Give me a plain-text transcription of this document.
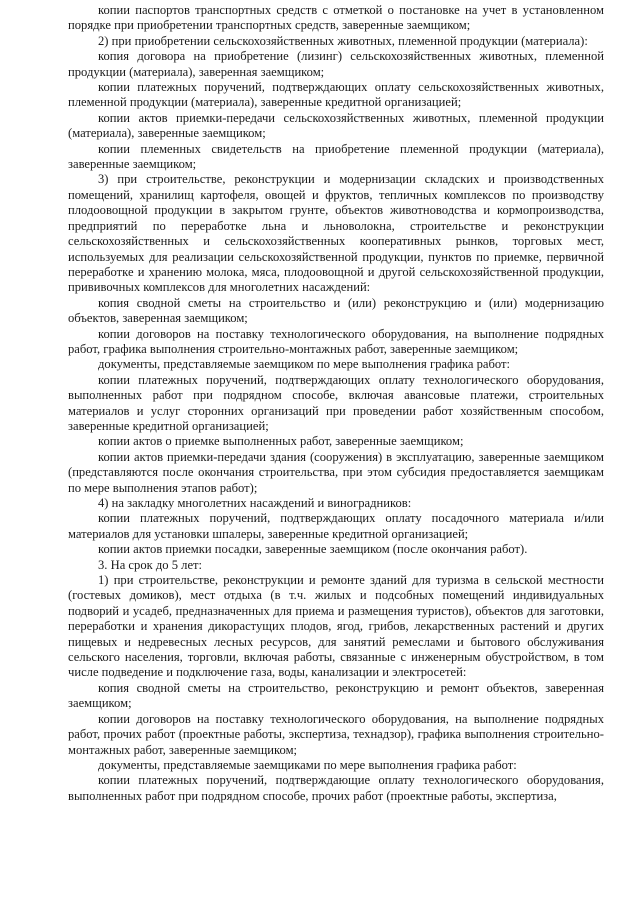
копии паспортов транспортных средств с отметкой о постановке на учет в установленном порядке при приобретении транспортных средств, заверенные заемщиком;

2) при приобретении сельскохозяйственных животных, племенной продукции (материала):

копия договора на приобретение (лизинг) сельскохозяйственных животных, племенной продукции (материала), заверенная заемщиком;

копии платежных поручений, подтверждающих оплату сельскохозяйственных животных, племенной продукции (материала), заверенные кредитной организацией;

копии актов приемки-передачи сельскохозяйственных животных, племенной продукции (материала), заверенные заемщиком;

копии племенных свидетельств на приобретение племенной продукции (материала), заверенные заемщиком;

3) при строительстве, реконструкции и модернизации складских и производственных помещений, хранилищ картофеля, овощей и фруктов, тепличных комплексов по производству плодоовощной продукции в закрытом грунте, объектов животноводства и кормопроизводства, предприятий по переработке льна и льноволокна, строительстве и реконструкции сельскохозяйственных и сельскохозяйственных кооперативных рынков, торговых мест, используемых для реализации сельскохозяйственной продукции, пунктов по приемке, первичной переработке и хранению молока, мяса, плодоовощной и другой сельскохозяйственной продукции, прививочных комплексов для многолетних насаждений:

копия сводной сметы на строительство и (или) реконструкцию и (или) модернизацию объектов, заверенная заемщиком;

копии договоров на поставку технологического оборудования, на выполнение подрядных работ, графика выполнения строительно-монтажных работ, заверенные заемщиком;

документы, представляемые заемщиком по мере выполнения графика работ:

копии платежных поручений, подтверждающих оплату технологического оборудования, выполненных работ при подрядном способе, включая авансовые платежи, строительных материалов и услуг сторонних организаций при проведении работ хозяйственным способом, заверенные кредитной организацией;

копии актов о приемке выполненных работ, заверенные заемщиком;

копии актов приемки-передачи здания (сооружения) в эксплуатацию, заверенные заемщиком (представляются после окончания строительства, при этом субсидия предоставляется заемщикам по мере выполнения этапов работ);

4) на закладку многолетних насаждений и виноградников:

копии платежных поручений, подтверждающих оплату посадочного материала и/или материалов для установки шпалеры, заверенные кредитной организацией;

копии актов приемки посадки, заверенные заемщиком (после окончания работ).

3. На срок до 5 лет:

1) при строительстве, реконструкции и ремонте зданий для туризма в сельской местности (гостевых домиков), мест отдыха (в т.ч. жилых и подсобных помещений индивидуальных подворий и усадеб, предназначенных для приема и размещения туристов), объектов для заготовки, переработки и хранения дикорастущих плодов, ягод, грибов, лекарственных растений и других пищевых и недревесных лесных ресурсов, для занятий ремеслами и бытового обслуживания сельского населения, торговли, включая работы, связанные с инженерным обустройством, в том числе подведение и подключение газа, воды, канализации и электросетей:

копия сводной сметы на строительство, реконструкцию и ремонт объектов, заверенная заемщиком;

копии договоров на поставку технологического оборудования, на выполнение подрядных работ, прочих работ (проектные работы, экспертиза, технадзор), графика выполнения строительно-монтажных работ, заверенные заемщиком;

документы, представляемые заемщиками по мере выполнения графика работ:

копии платежных поручений, подтверждающие оплату технологического оборудования, выполненных работ при подрядном способе, прочих работ (проектные работы, экспертиза,
